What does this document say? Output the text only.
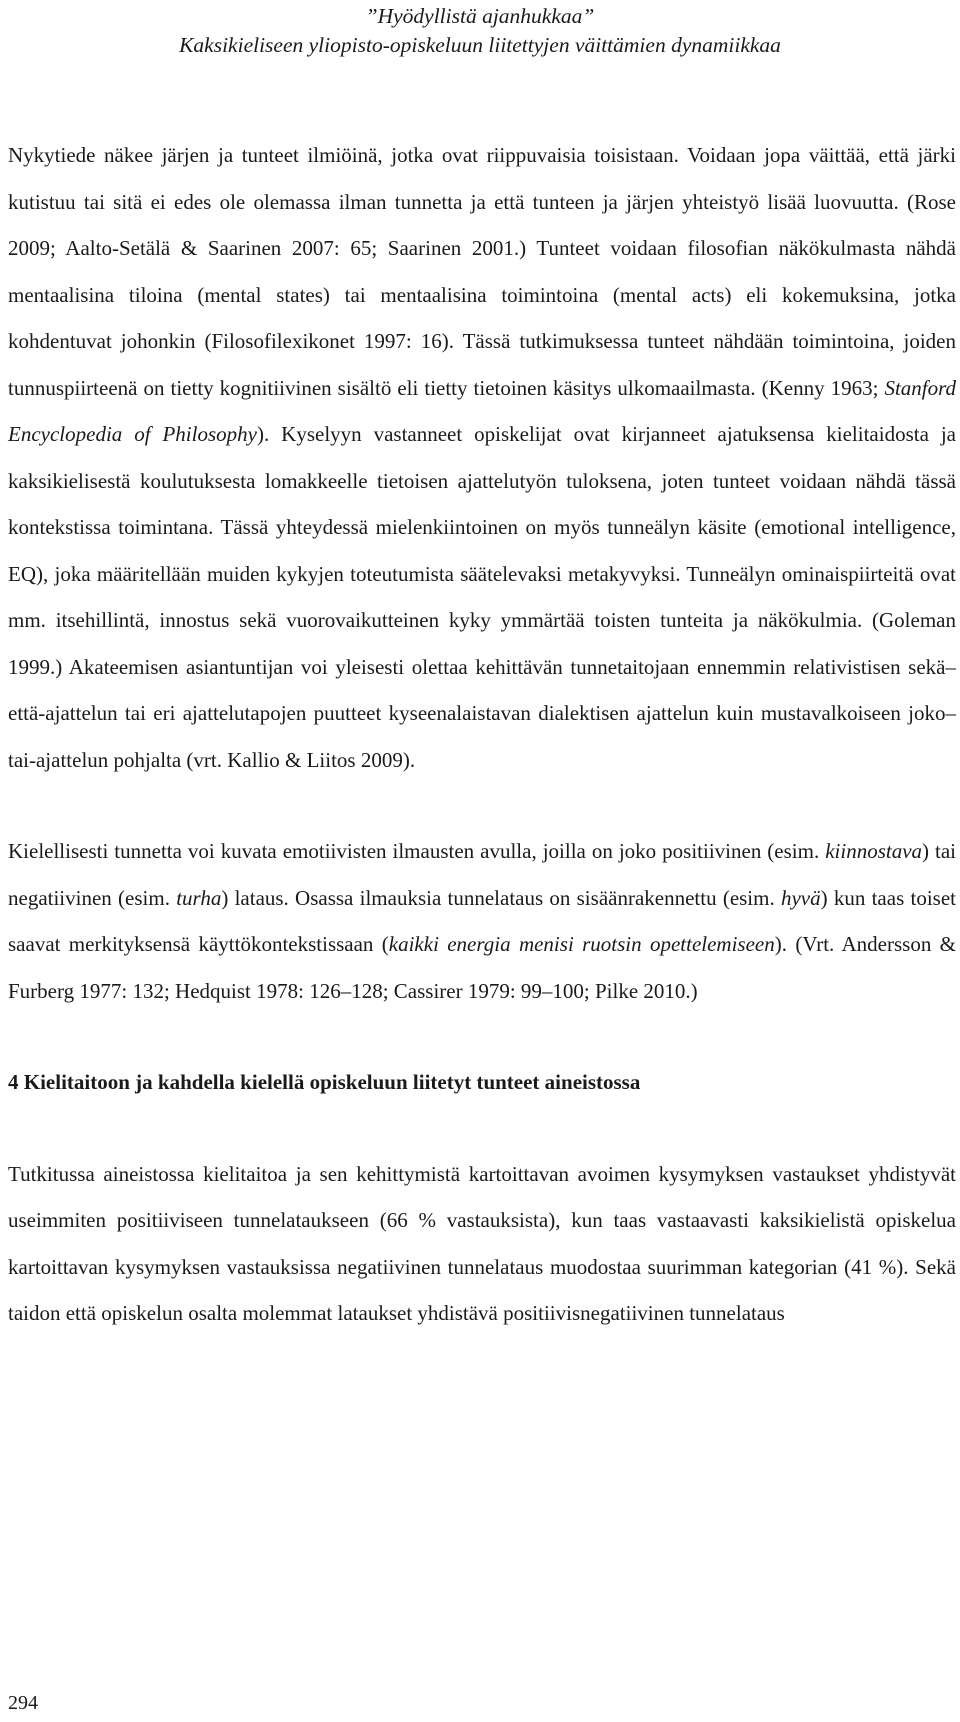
”Hyödyllistä ajanhukkaa”
Kaksikieliseen yliopisto-opiskeluun liitettyjen väittämien dynamiikkaa

Nykytiede näkee järjen ja tunteet ilmiöinä, jotka ovat riippuvaisia toisistaan. Voidaan jopa väittää, että järki kutistuu tai sitä ei edes ole olemassa ilman tunnetta ja että tunteen ja järjen yhteistyö lisää luovuutta. (Rose 2009; Aalto-Setälä & Saarinen 2007: 65; Saarinen 2001.) Tunteet voidaan filosofian näkökulmasta nähdä mentaalisina tiloina (mental states) tai mentaalisina toimintoina (mental acts) eli kokemuksina, jotka kohdentuvat johonkin (Filosofilexikonet 1997: 16). Tässä tutkimuksessa tunteet nähdään toimintoina, joiden tunnuspiirteenä on tietty kognitiivinen sisältö eli tietty tietoinen käsitys ulkomaailmasta. (Kenny 1963; Stanford Encyclopedia of Philosophy). Kyselyyn vastanneet opiskelijat ovat kirjanneet ajatuksensa kielitaidosta ja kaksikielisestä koulutuksesta lomakkeelle tietoisen ajattelutyön tuloksena, joten tunteet voidaan nähdä tässä kontekstissa toimintana. Tässä yhteydessä mielenkiintoinen on myös tunneälyn käsite (emotional intelligence, EQ), joka määritellään muiden kykyjen toteutumista säätelevaksi metakyvyksi. Tunneälyn ominaispiirteitä ovat mm. itsehillintä, innostus sekä vuorovaikutteinen kyky ymmärtää toisten tunteita ja näkökulmia. (Goleman 1999.) Akateemisen asiantuntijan voi yleisesti olettaa kehittävän tunnetaitojaan ennemmin relativistisen sekä–että-ajattelun tai eri ajattelutapojen puutteet kyseenalaistavan dialektisen ajattelun kuin mustavalkoiseen joko–tai-ajattelun pohjalta (vrt. Kallio & Liitos 2009).

Kielellisesti tunnetta voi kuvata emotiivisten ilmausten avulla, joilla on joko positiivinen (esim. kiinnostava) tai negatiivinen (esim. turha) lataus. Osassa ilmauksia tunnelataus on sisäänrakennettu (esim. hyvä) kun taas toiset saavat merkityksensä käyttökontekstissaan (kaikki energia menisi ruotsin opettelemiseen). (Vrt. Andersson & Furberg 1977: 132; Hedquist 1978: 126–128; Cassirer 1979: 99–100; Pilke 2010.)

4 Kielitaitoon ja kahdella kielellä opiskeluun liitetyt tunteet aineistossa

Tutkitussa aineistossa kielitaitoa ja sen kehittymistä kartoittavan avoimen kysymyksen vastaukset yhdistyvät useimmiten positiiviseen tunnelataukseen (66 % vastauksista), kun taas vastaavasti kaksikielistä opiskelua kartoittavan kysymyksen vastauksissa negatiivinen tunnelataus muodostaa suurimman kategorian (41 %). Sekä taidon että opiskelun osalta molemmat lataukset yhdistävä positiivisnegatiivinen tunnelataus

294
